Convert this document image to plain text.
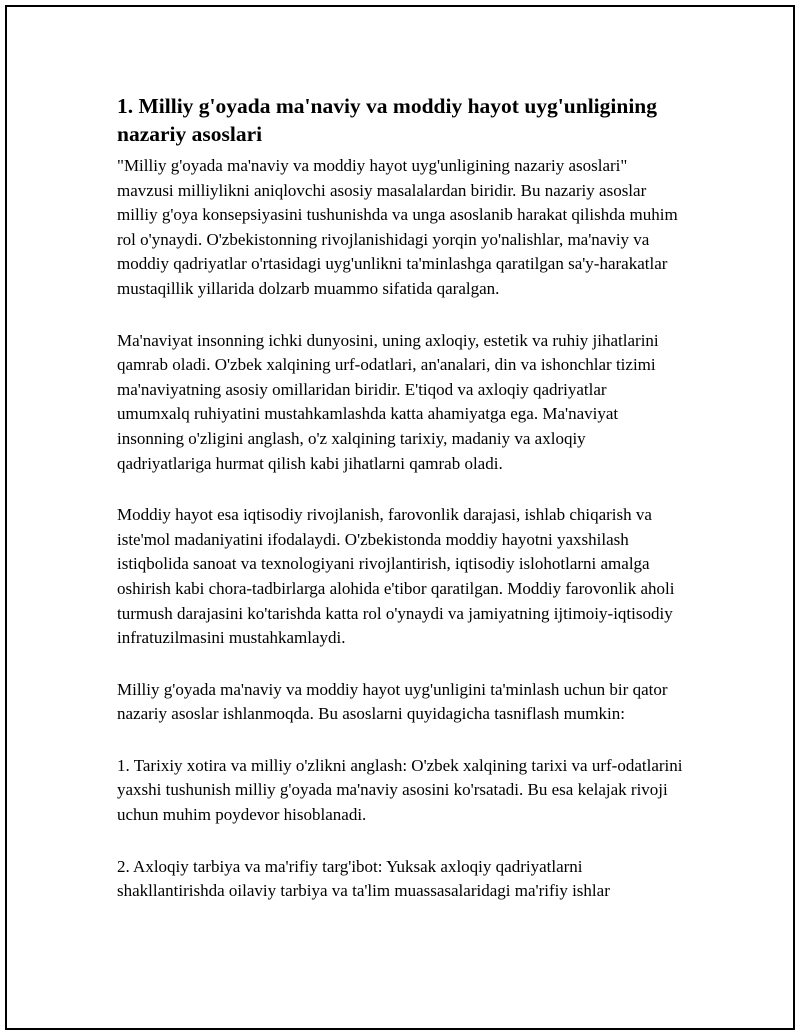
1. Milliy g'oyada ma'naviy va moddiy hayot uyg'unligining nazariy asoslari

"Milliy g'oyada ma'naviy va moddiy hayot uyg'unligining nazariy asoslari" mavzusi milliylikni aniqlovchi asosiy masalalardan biridir. Bu nazariy asoslar milliy g'oya konsepsiyasini tushunishda va unga asoslanib harakat qilishda muhim rol o'ynaydi. O'zbekistonning rivojlanishidagi yorqin yo'nalishlar, ma'naviy va moddiy qadriyatlar o'rtasidagi uyg'unlikni ta'minlashga qaratilgan sa'y-harakatlar mustaqillik yillarida dolzarb muammo sifatida qaralgan.

Ma'naviyat insonning ichki dunyosini, uning axloqiy, estetik va ruhiy jihatlarini qamrab oladi. O'zbek xalqining urf-odatlari, an'analari, din va ishonchlar tizimi ma'naviyatning asosiy omillaridan biridir. E'tiqod va axloqiy qadriyatlar umumxalq ruhiyatini mustahkamlashda katta ahamiyatga ega. Ma'naviyat insonning o'zligini anglash, o'z xalqining tarixiy, madaniy va axloqiy qadriyatlariga hurmat qilish kabi jihatlarni qamrab oladi.

Moddiy hayot esa iqtisodiy rivojlanish, farovonlik darajasi, ishlab chiqarish va iste'mol madaniyatini ifodalaydi. O'zbekistonda moddiy hayotni yaxshilash istiqbolida sanoat va texnologiyani rivojlantirish, iqtisodiy islohotlarni amalga oshirish kabi chora-tadbirlarga alohida e'tibor qaratilgan. Moddiy farovonlik aholi turmush darajasini ko'tarishda katta rol o'ynaydi va jamiyatning ijtimoiy-iqtisodiy infratuzilmasini mustahkamlaydi.

Milliy g'oyada ma'naviy va moddiy hayot uyg'unligini ta'minlash uchun bir qator nazariy asoslar ishlanmoqda. Bu asoslarni quyidagicha tasniflash mumkin:

1. Tarixiy xotira va milliy o'zlikni anglash: O'zbek xalqining tarixi va urf-odatlarini yaxshi tushunish milliy g'oyada ma'naviy asosini ko'rsatadi. Bu esa kelajak rivoji uchun muhim poydevor hisoblanadi.

2. Axloqiy tarbiya va ma'rifiy targ'ibot: Yuksak axloqiy qadriyatlarni shakllantirishda oilaviy tarbiya va ta'lim muassasalaridagi ma'rifiy ishlar
